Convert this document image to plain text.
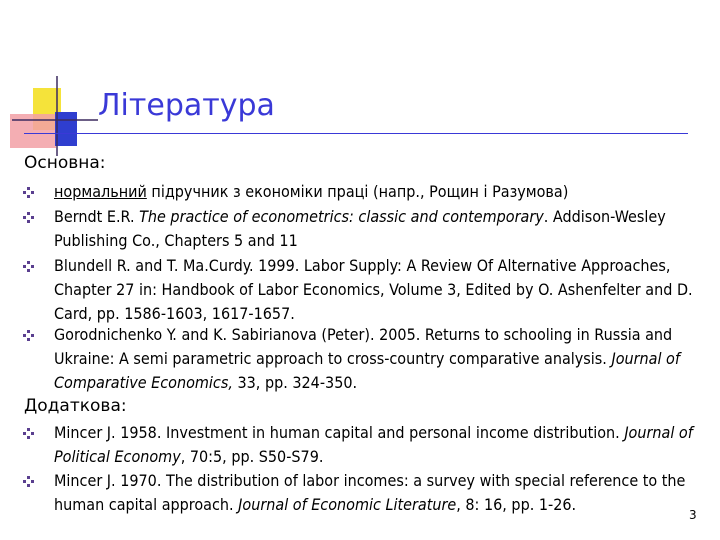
Література
Основна:
нормальний підручник з економіки праці (напр., Рощин і Разумова)
Berndt E.R. The practice of econometrics: classic and contemporary. Addison-Wesley Publishing Co., Chapters 5 and 11
Blundell R. and T. Ma.Curdy. 1999. Labor Supply: A Review Of Alternative Approaches, Chapter 27 in: Handbook of Labor Economics, Volume 3, Edited by O. Ashenfelter and D. Card, pp. 1586-1603, 1617-1657.
Gorodnichenko Y. and K. Sabirianova (Peter). 2005. Returns to schooling in Russia and Ukraine: A semi parametric approach to cross-country comparative analysis. Journal of Comparative Economics, 33, pp. 324-350.
Додаткова:
Mincer J. 1958. Investment in human capital and personal income distribution. Journal of Political Economy, 70:5, pp. S50-S79.
Mincer J. 1970. The distribution of labor incomes: a survey with special reference to the human capital approach. Journal of Economic Literature, 8: 16, pp. 1-26.
3
